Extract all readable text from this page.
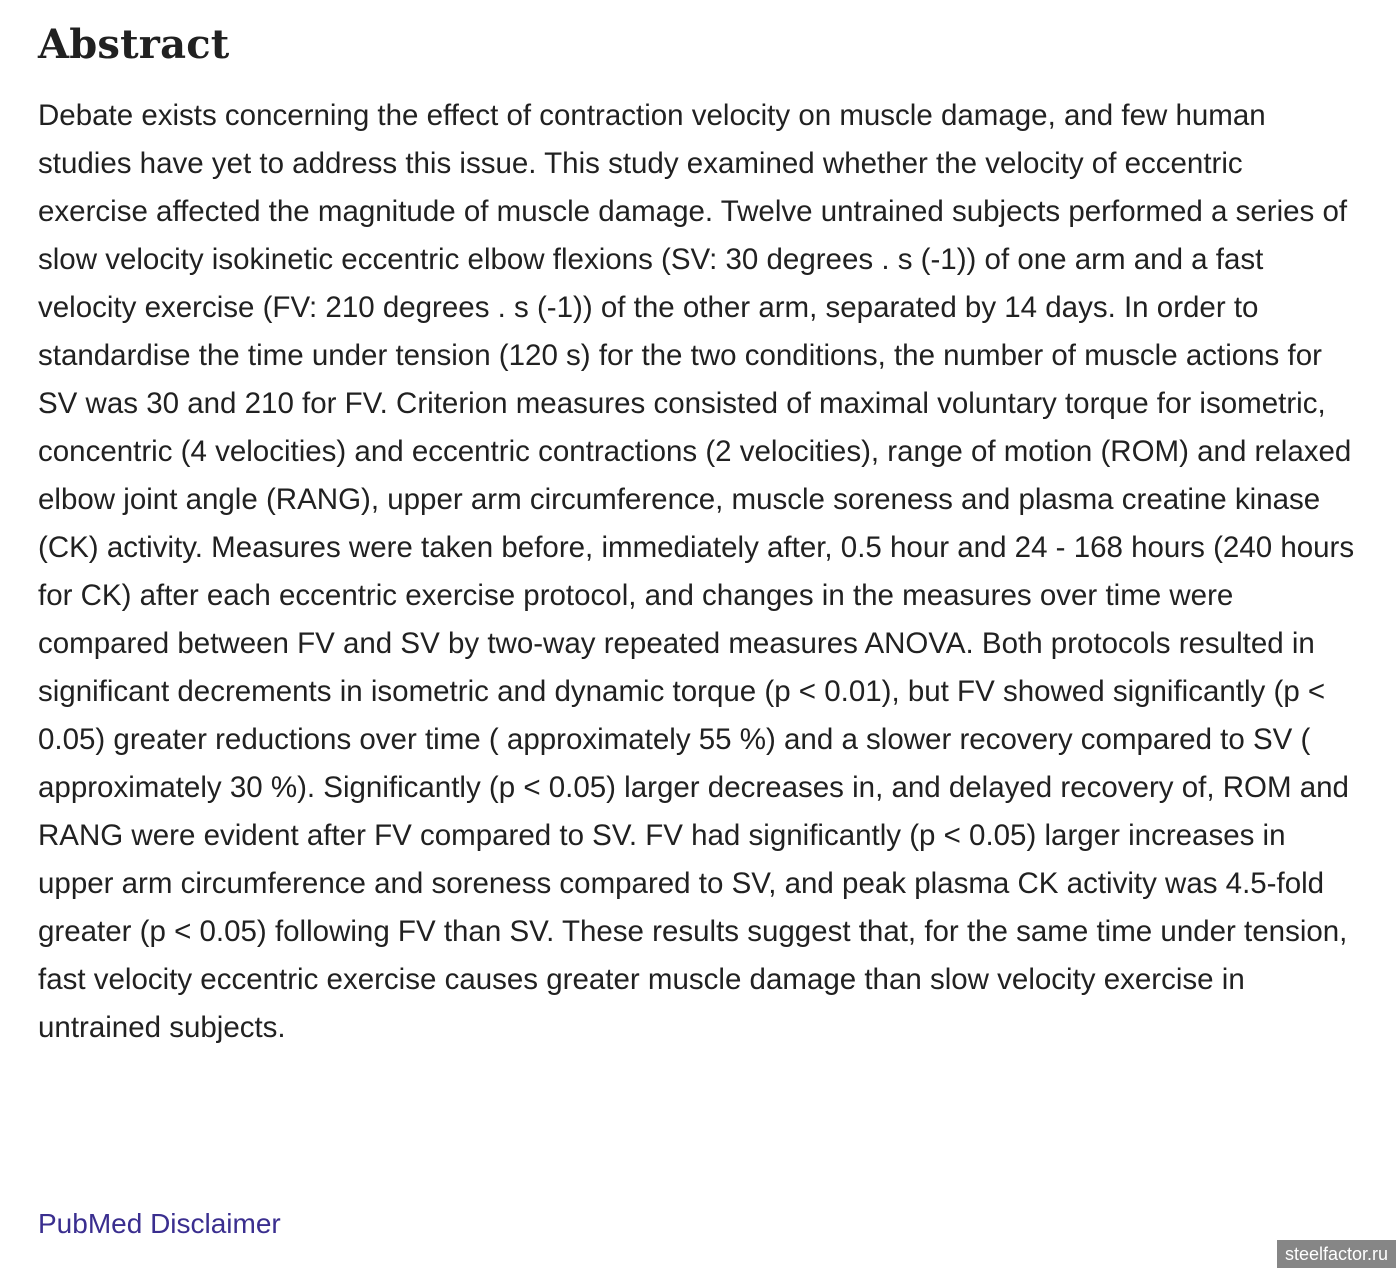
Abstract

Debate exists concerning the effect of contraction velocity on muscle damage, and few human studies have yet to address this issue. This study examined whether the velocity of eccentric exercise affected the magnitude of muscle damage. Twelve untrained subjects performed a series of slow velocity isokinetic eccentric elbow flexions (SV: 30 degrees . s (-1)) of one arm and a fast velocity exercise (FV: 210 degrees . s (-1)) of the other arm, separated by 14 days. In order to standardise the time under tension (120 s) for the two conditions, the number of muscle actions for SV was 30 and 210 for FV. Criterion measures consisted of maximal voluntary torque for isometric, concentric (4 velocities) and eccentric contractions (2 velocities), range of motion (ROM) and relaxed elbow joint angle (RANG), upper arm circumference, muscle soreness and plasma creatine kinase (CK) activity. Measures were taken before, immediately after, 0.5 hour and 24 - 168 hours (240 hours for CK) after each eccentric exercise protocol, and changes in the measures over time were compared between FV and SV by two-way repeated measures ANOVA. Both protocols resulted in significant decrements in isometric and dynamic torque (p < 0.01), but FV showed significantly (p < 0.05) greater reductions over time ( approximately 55 %) and a slower recovery compared to SV ( approximately 30 %). Significantly (p < 0.05) larger decreases in, and delayed recovery of, ROM and RANG were evident after FV compared to SV. FV had significantly (p < 0.05) larger increases in upper arm circumference and soreness compared to SV, and peak plasma CK activity was 4.5-fold greater (p < 0.05) following FV than SV. These results suggest that, for the same time under tension, fast velocity eccentric exercise causes greater muscle damage than slow velocity exercise in untrained subjects.

PubMed Disclaimer
steelfactor.ru
